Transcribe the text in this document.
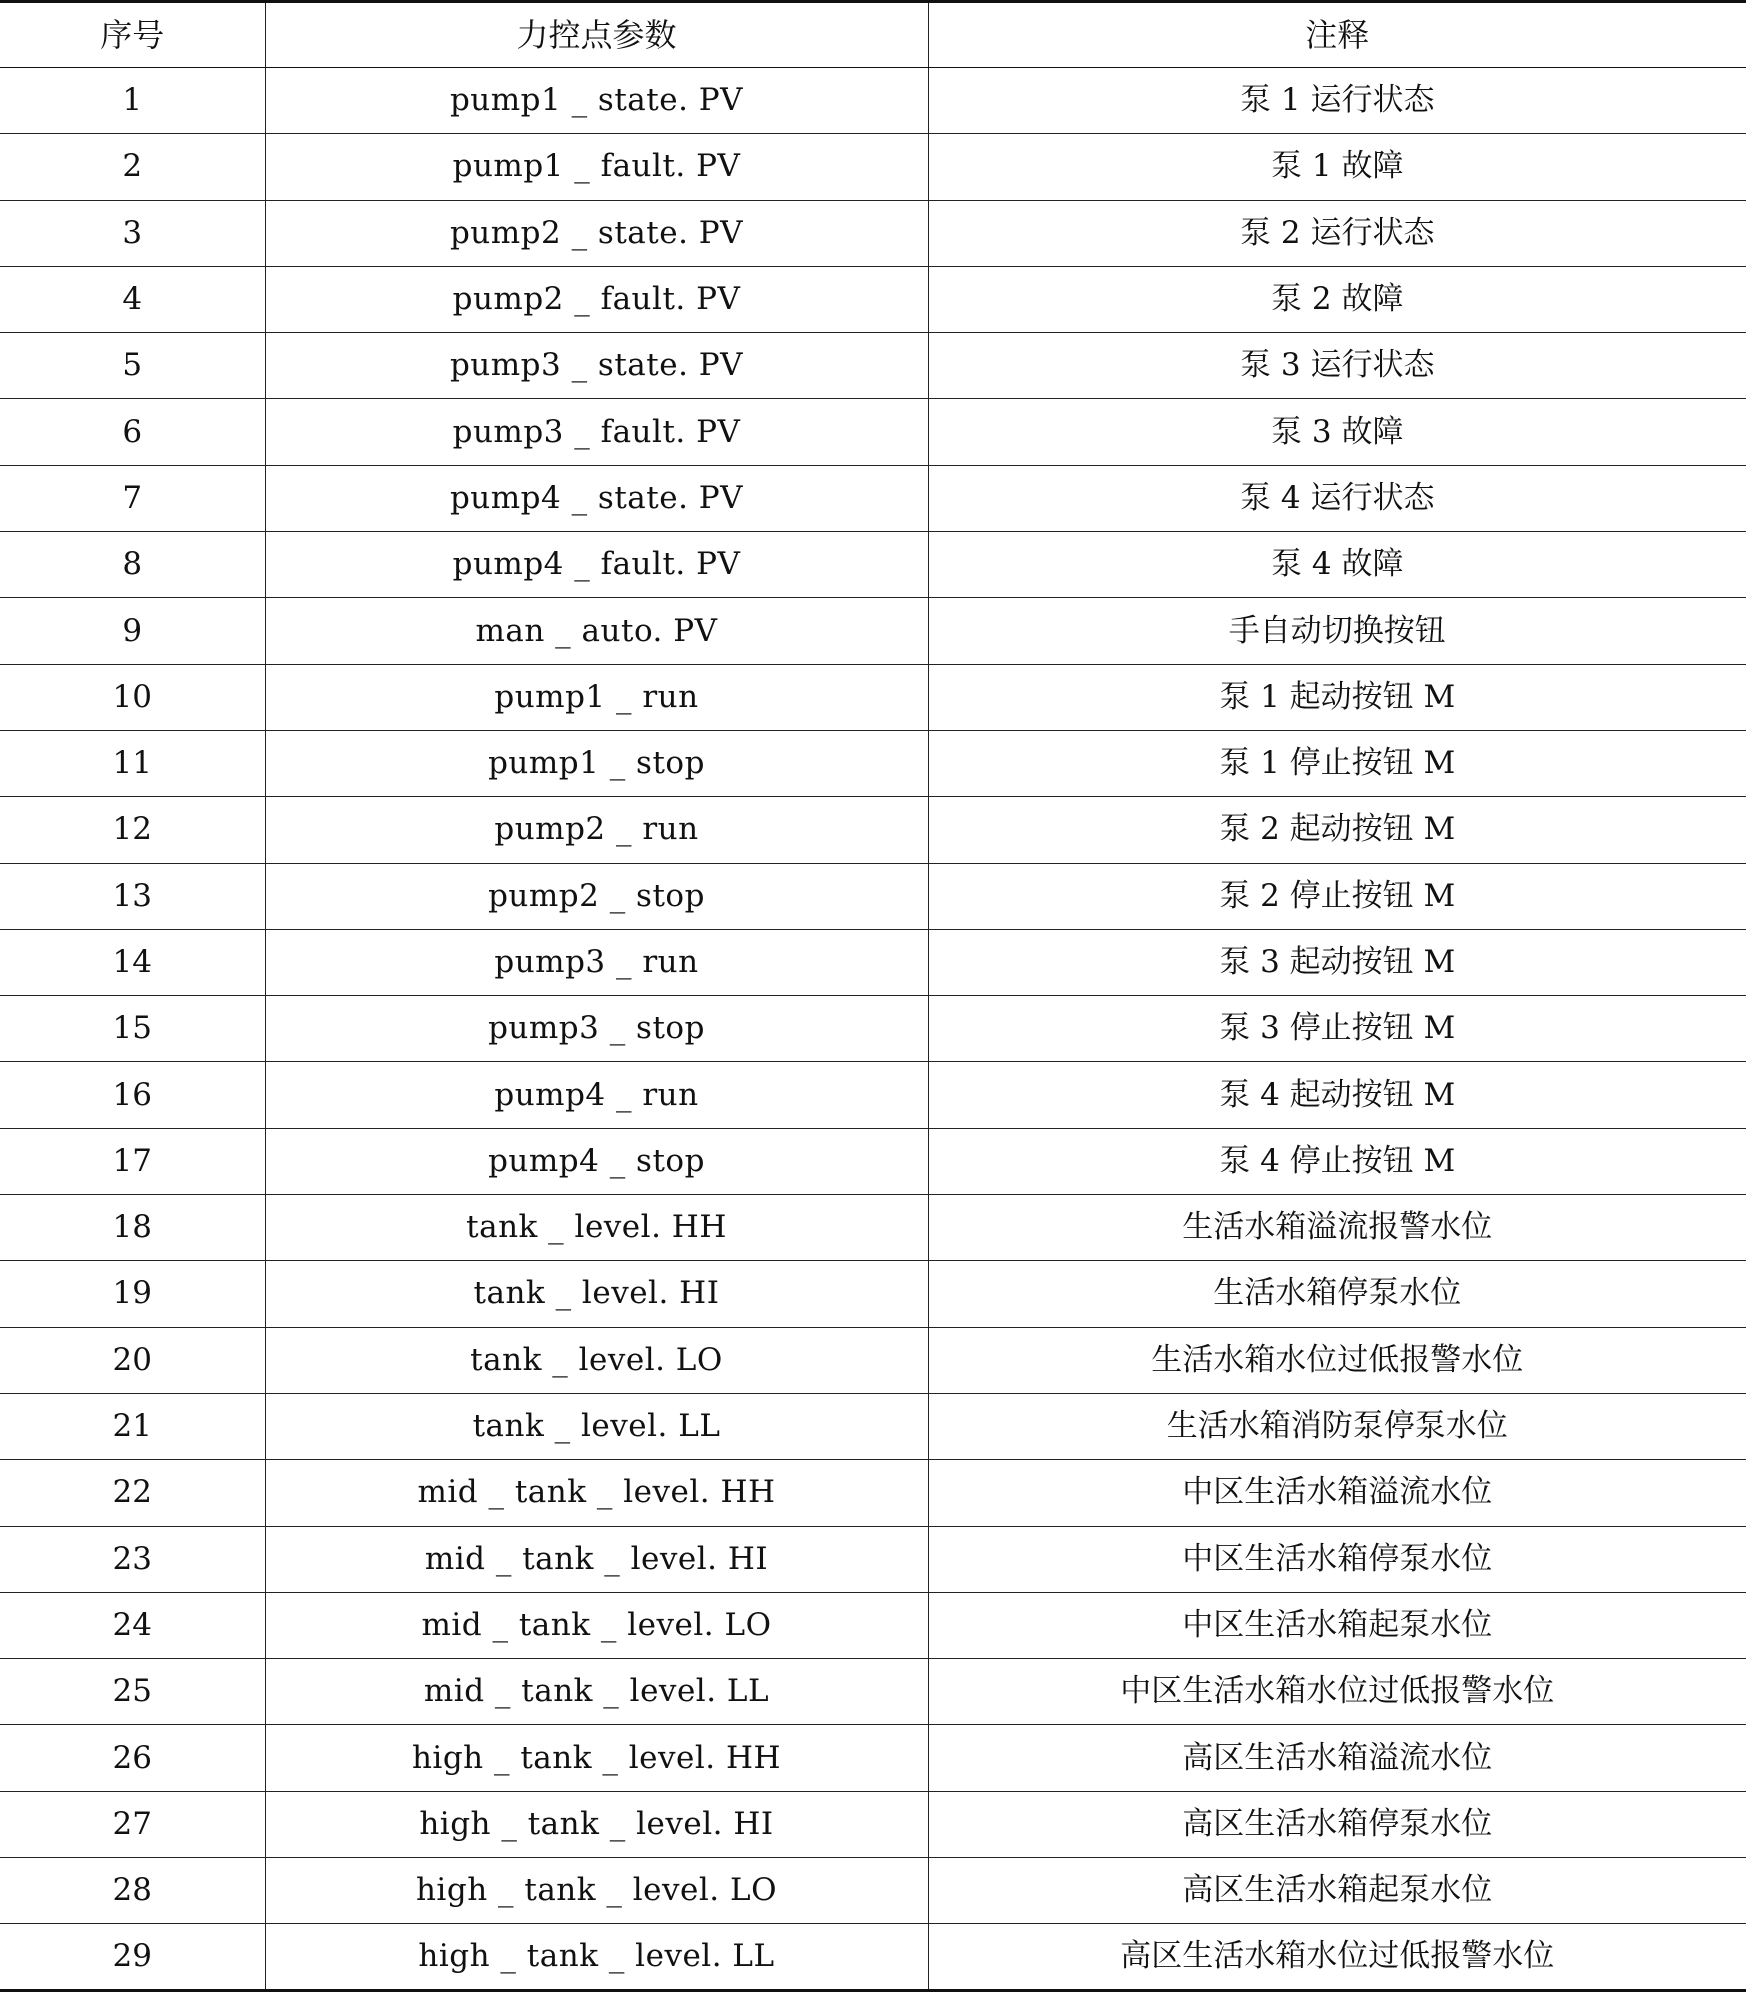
序号	力控点参数	注释
1	pump1 _ state. PV	泵 1 运行状态
2	pump1 _ fault. PV	泵 1 故障
3	pump2 _ state. PV	泵 2 运行状态
4	pump2 _ fault. PV	泵 2 故障
5	pump3 _ state. PV	泵 3 运行状态
6	pump3 _ fault. PV	泵 3 故障
7	pump4 _ state. PV	泵 4 运行状态
8	pump4 _ fault. PV	泵 4 故障
9	man _ auto. PV	手自动切换按钮
10	pump1 _ run	泵 1 起动按钮 M
11	pump1 _ stop	泵 1 停止按钮 M
12	pump2 _ run	泵 2 起动按钮 M
13	pump2 _ stop	泵 2 停止按钮 M
14	pump3 _ run	泵 3 起动按钮 M
15	pump3 _ stop	泵 3 停止按钮 M
16	pump4 _ run	泵 4 起动按钮 M
17	pump4 _ stop	泵 4 停止按钮 M
18	tank _ level. HH	生活水箱溢流报警水位
19	tank _ level. HI	生活水箱停泵水位
20	tank _ level. LO	生活水箱水位过低报警水位
21	tank _ level. LL	生活水箱消防泵停泵水位
22	mid _ tank _ level. HH	中区生活水箱溢流水位
23	mid _ tank _ level. HI	中区生活水箱停泵水位
24	mid _ tank _ level. LO	中区生活水箱起泵水位
25	mid _ tank _ level. LL	中区生活水箱水位过低报警水位
26	high _ tank _ level. HH	高区生活水箱溢流水位
27	high _ tank _ level. HI	高区生活水箱停泵水位
28	high _ tank _ level. LO	高区生活水箱起泵水位
29	high _ tank _ level. LL	高区生活水箱水位过低报警水位
